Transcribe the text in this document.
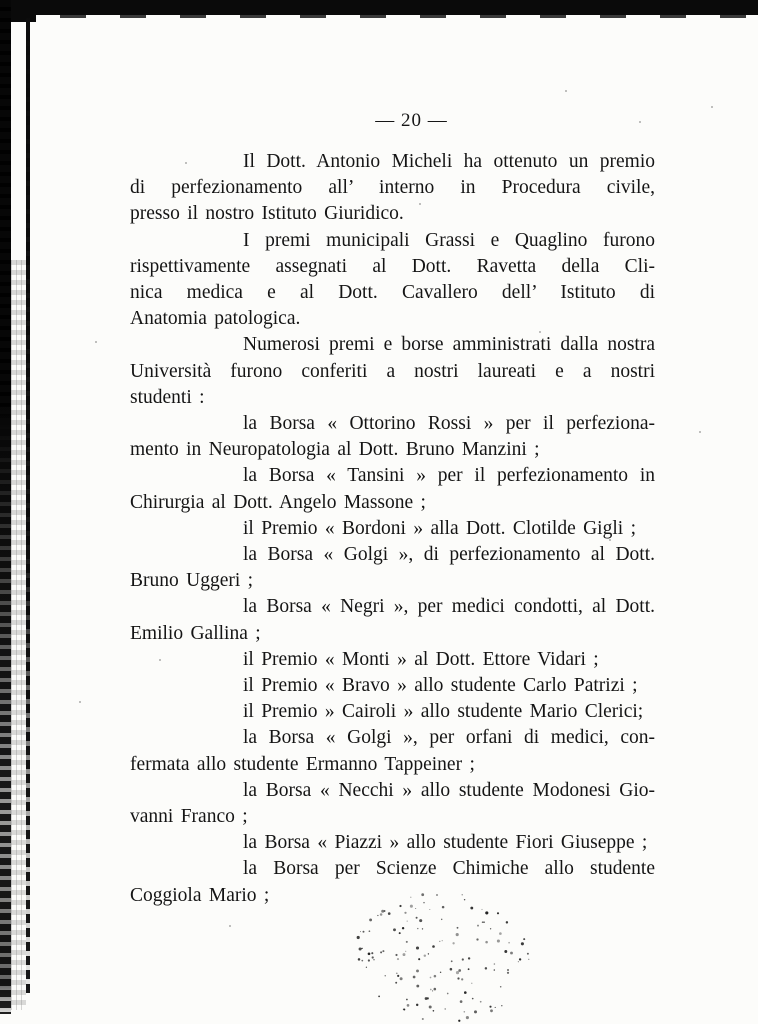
— 20 —

Il Dott. Antonio Micheli ha ottenuto un premio
di perfezionamento all’ interno in Procedura civile,
presso il nostro Istituto Giuridico.

I premi municipali Grassi e Quaglino furono
rispettivamente assegnati al Dott. Ravetta della Cli-
nica medica e al Dott. Cavallero dell’ Istituto di
Anatomia patologica.

Numerosi premi e borse amministrati dalla nostra
Università furono conferiti a nostri laureati e a nostri
studenti :

la Borsa « Ottorino Rossi » per il perfeziona-
mento in Neuropatologia al Dott. Bruno Manzini ;

la Borsa « Tansini » per il perfezionamento in
Chirurgia al Dott. Angelo Massone ;

il Premio « Bordoni » alla Dott. Clotilde Gigli ;

la Borsa « Golgi », di perfezionamento al Dott.
Bruno Uggeri ;

la Borsa « Negri », per medici condotti, al Dott.
Emilio Gallina ;

il Premio « Monti » al Dott. Ettore Vidari ;

il Premio « Bravo » allo studente Carlo Patrizi ;

il Premio » Cairoli » allo studente Mario Clerici;

la Borsa « Golgi », per orfani di medici, con-
fermata allo studente Ermanno Tappeiner ;

la Borsa « Necchi » allo studente Modonesi Gio-
vanni Franco ;

la Borsa « Piazzi » allo studente Fiori Giuseppe ;

la Borsa per Scienze Chimiche allo studente
Coggiola Mario ;
